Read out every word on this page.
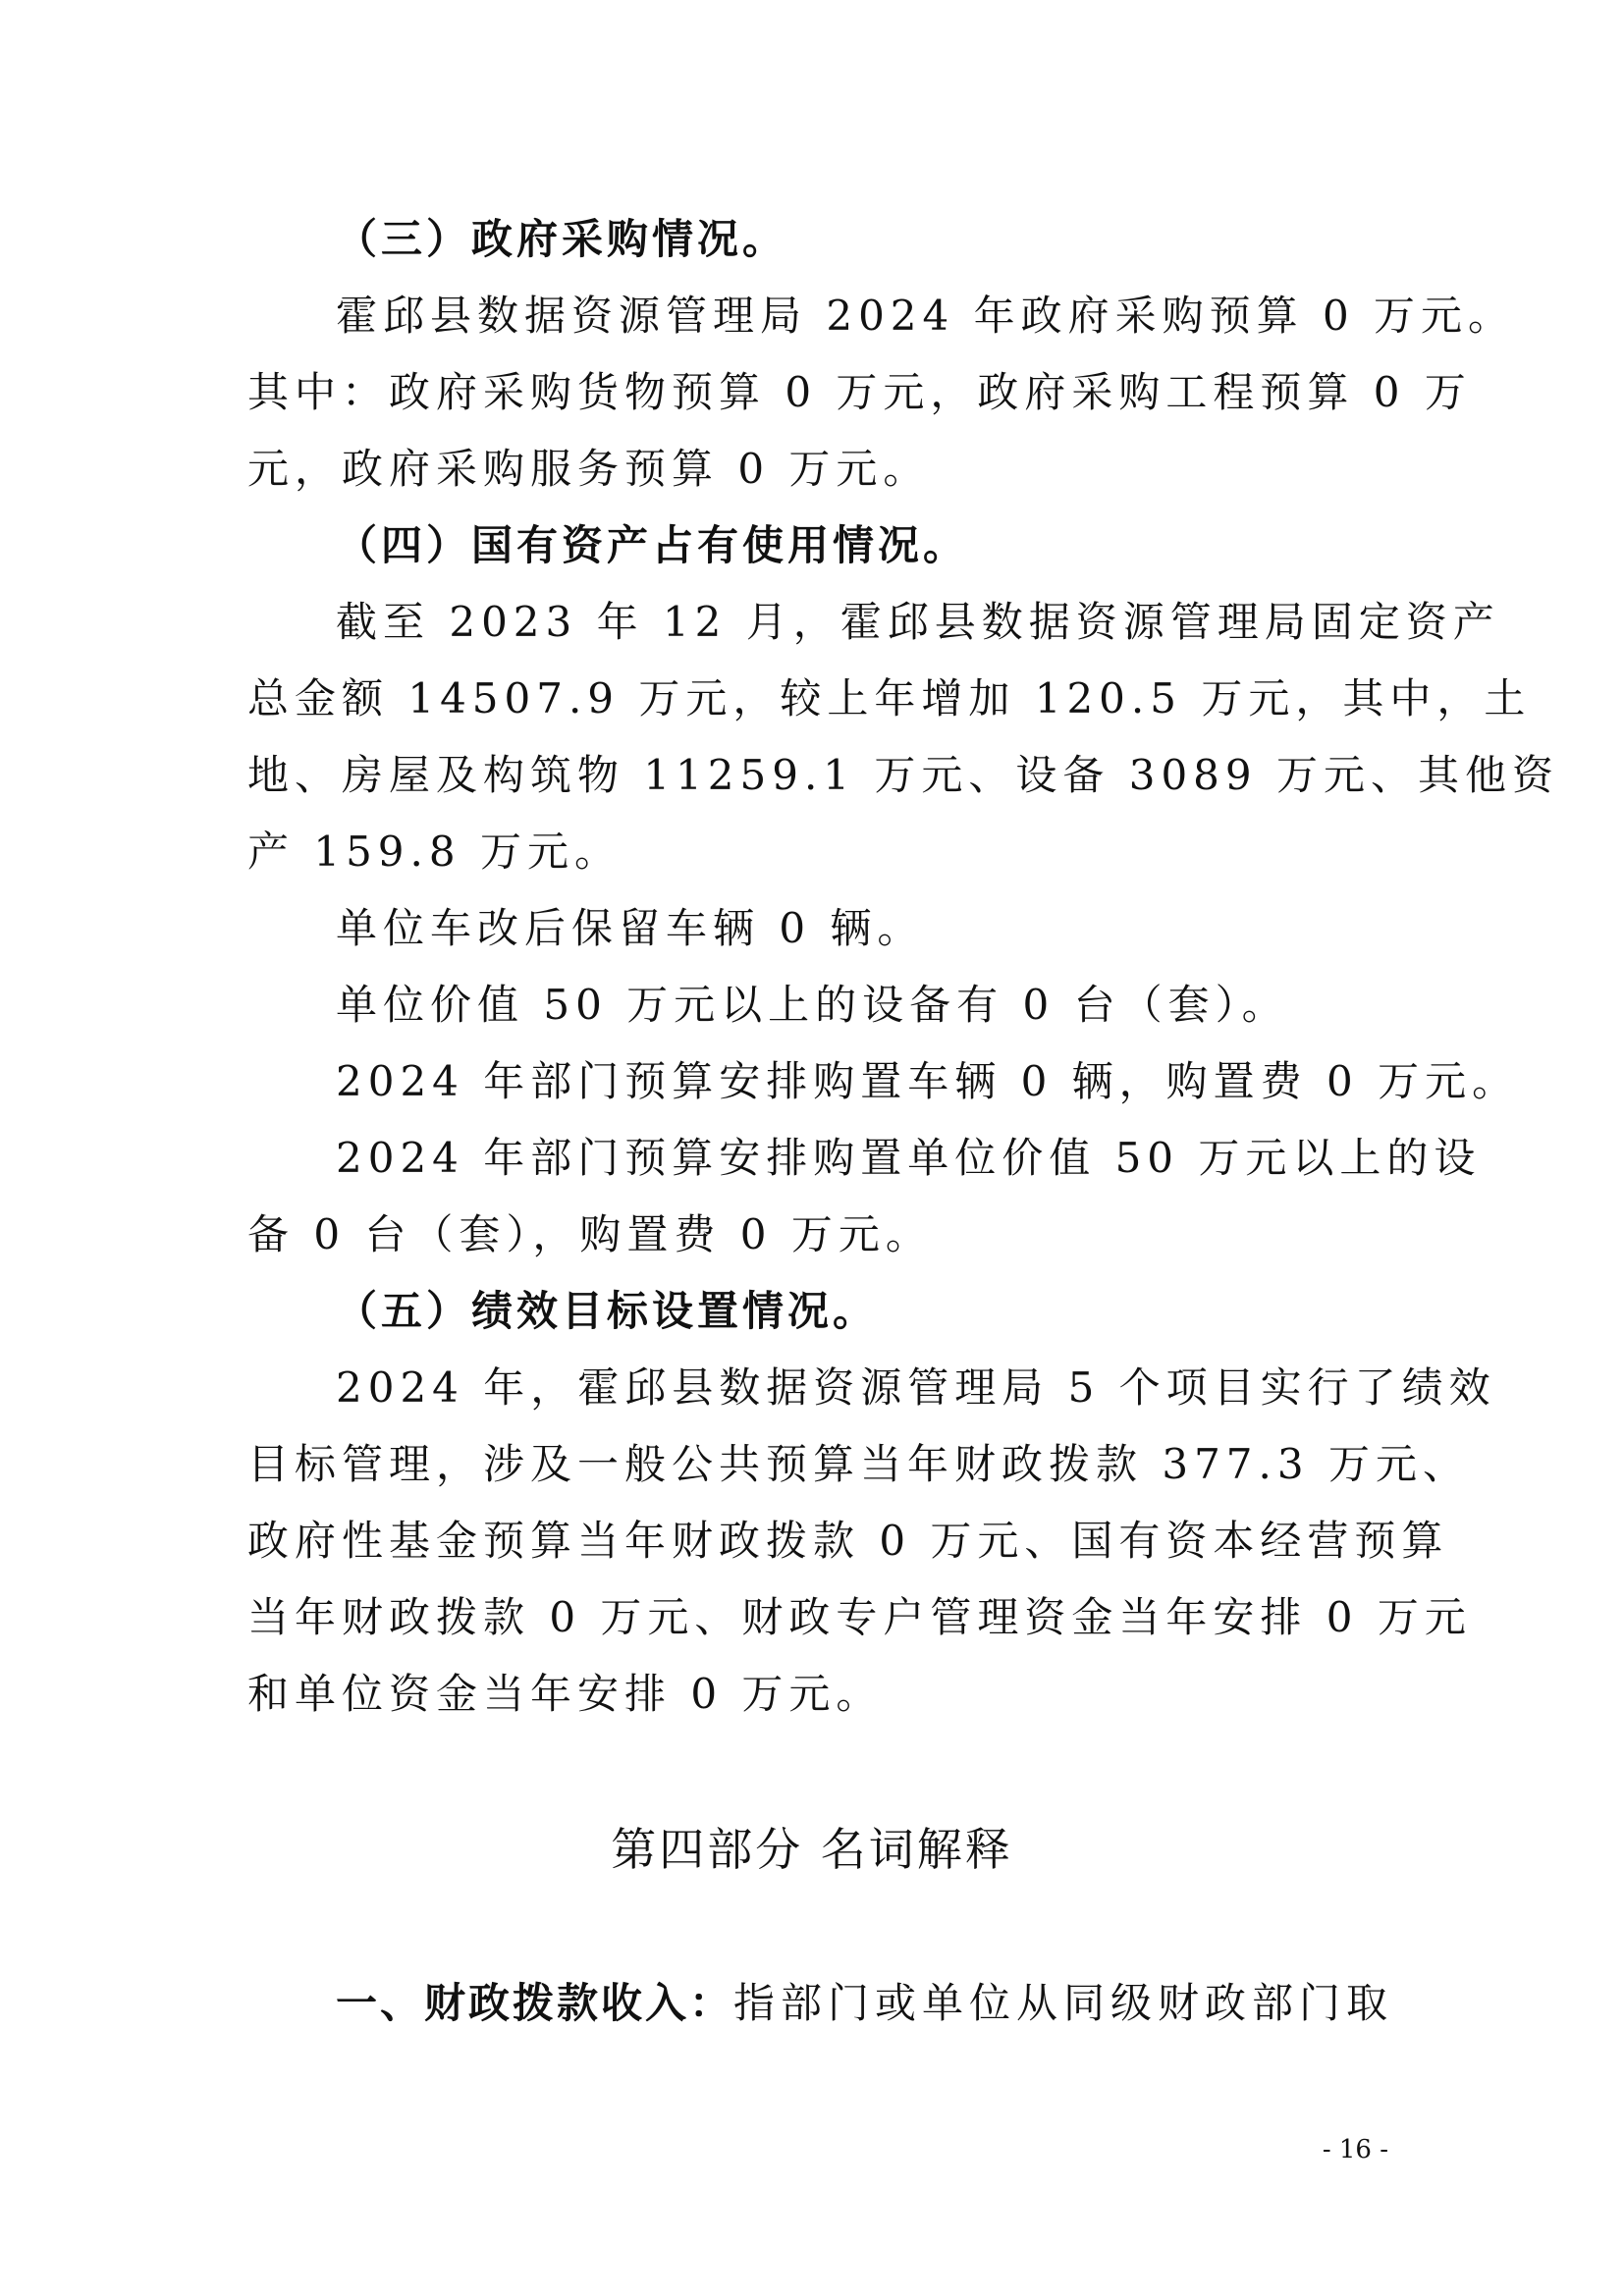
（三）政府采购情况。
霍邱县数据资源管理局 2024 年政府采购预算 0 万元。
其中：政府采购货物预算 0 万元，政府采购工程预算 0 万
元，政府采购服务预算 0 万元。
（四）国有资产占有使用情况。
截至 2023 年 12 月，霍邱县数据资源管理局固定资产
总金额 14507.9 万元，较上年增加 120.5 万元，其中，土
地、房屋及构筑物 11259.1 万元、设备 3089 万元、其他资
产 159.8 万元。
单位车改后保留车辆 0 辆。
单位价值 50 万元以上的设备有 0 台（套）。
2024 年部门预算安排购置车辆 0 辆，购置费 0 万元。
2024 年部门预算安排购置单位价值 50 万元以上的设
备 0 台（套），购置费 0 万元。
（五）绩效目标设置情况。
2024 年，霍邱县数据资源管理局 5 个项目实行了绩效
目标管理，涉及一般公共预算当年财政拨款 377.3 万元、
政府性基金预算当年财政拨款 0 万元、国有资本经营预算
当年财政拨款 0 万元、财政专户管理资金当年安排 0 万元
和单位资金当年安排 0 万元。
第四部分 名词解释
一、财政拨款收入：指部门或单位从同级财政部门取
- 16 -
